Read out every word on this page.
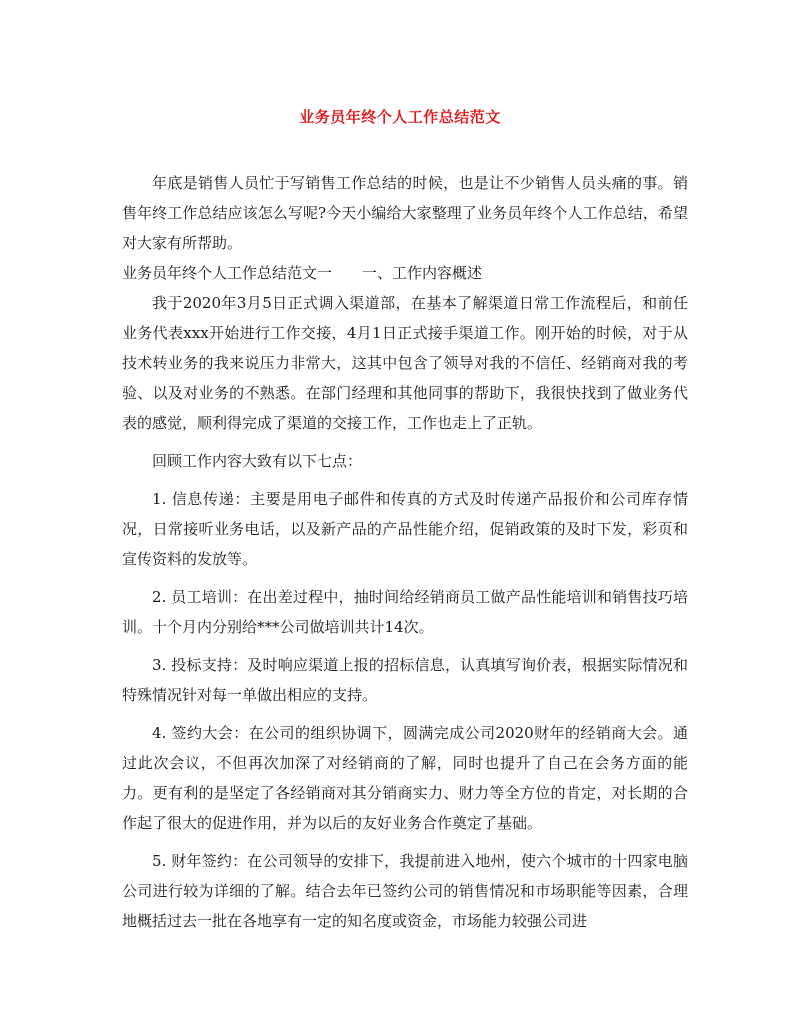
业务员年终个人工作总结范文

年底是销售人员忙于写销售工作总结的时候，也是让不少销售人员头痛的事。销售年终工作总结应该怎么写呢?今天小编给大家整理了业务员年终个人工作总结，希望对大家有所帮助。

业务员年终个人工作总结范文一　　一、工作内容概述

我于2020年3月5日正式调入渠道部，在基本了解渠道日常工作流程后，和前任业务代表xxx开始进行工作交接，4月1日正式接手渠道工作。刚开始的时候，对于从技术转业务的我来说压力非常大，这其中包含了领导对我的不信任、经销商对我的考验、以及对业务的不熟悉。在部门经理和其他同事的帮助下，我很快找到了做业务代表的感觉，顺利得完成了渠道的交接工作，工作也走上了正轨。

回顾工作内容大致有以下七点：

1. 信息传递：主要是用电子邮件和传真的方式及时传递产品报价和公司库存情况，日常接听业务电话，以及新产品的产品性能介绍，促销政策的及时下发，彩页和宣传资料的发放等。

2. 员工培训：在出差过程中，抽时间给经销商员工做产品性能培训和销售技巧培训。十个月内分别给***公司做培训共计14次。

3. 投标支持：及时响应渠道上报的招标信息，认真填写询价表，根据实际情况和特殊情况针对每一单做出相应的支持。

4. 签约大会：在公司的组织协调下，圆满完成公司2020财年的经销商大会。通过此次会议，不但再次加深了对经销商的了解，同时也提升了自己在会务方面的能力。更有利的是坚定了各经销商对其分销商实力、财力等全方位的肯定，对长期的合作起了很大的促进作用，并为以后的友好业务合作奠定了基础。

5. 财年签约：在公司领导的安排下，我提前进入地州，使六个城市的十四家电脑公司进行较为详细的了解。结合去年已签约公司的销售情况和市场职能等因素，合理地概括过去一批在各地享有一定的知名度或资金，市场能力较强公司进
